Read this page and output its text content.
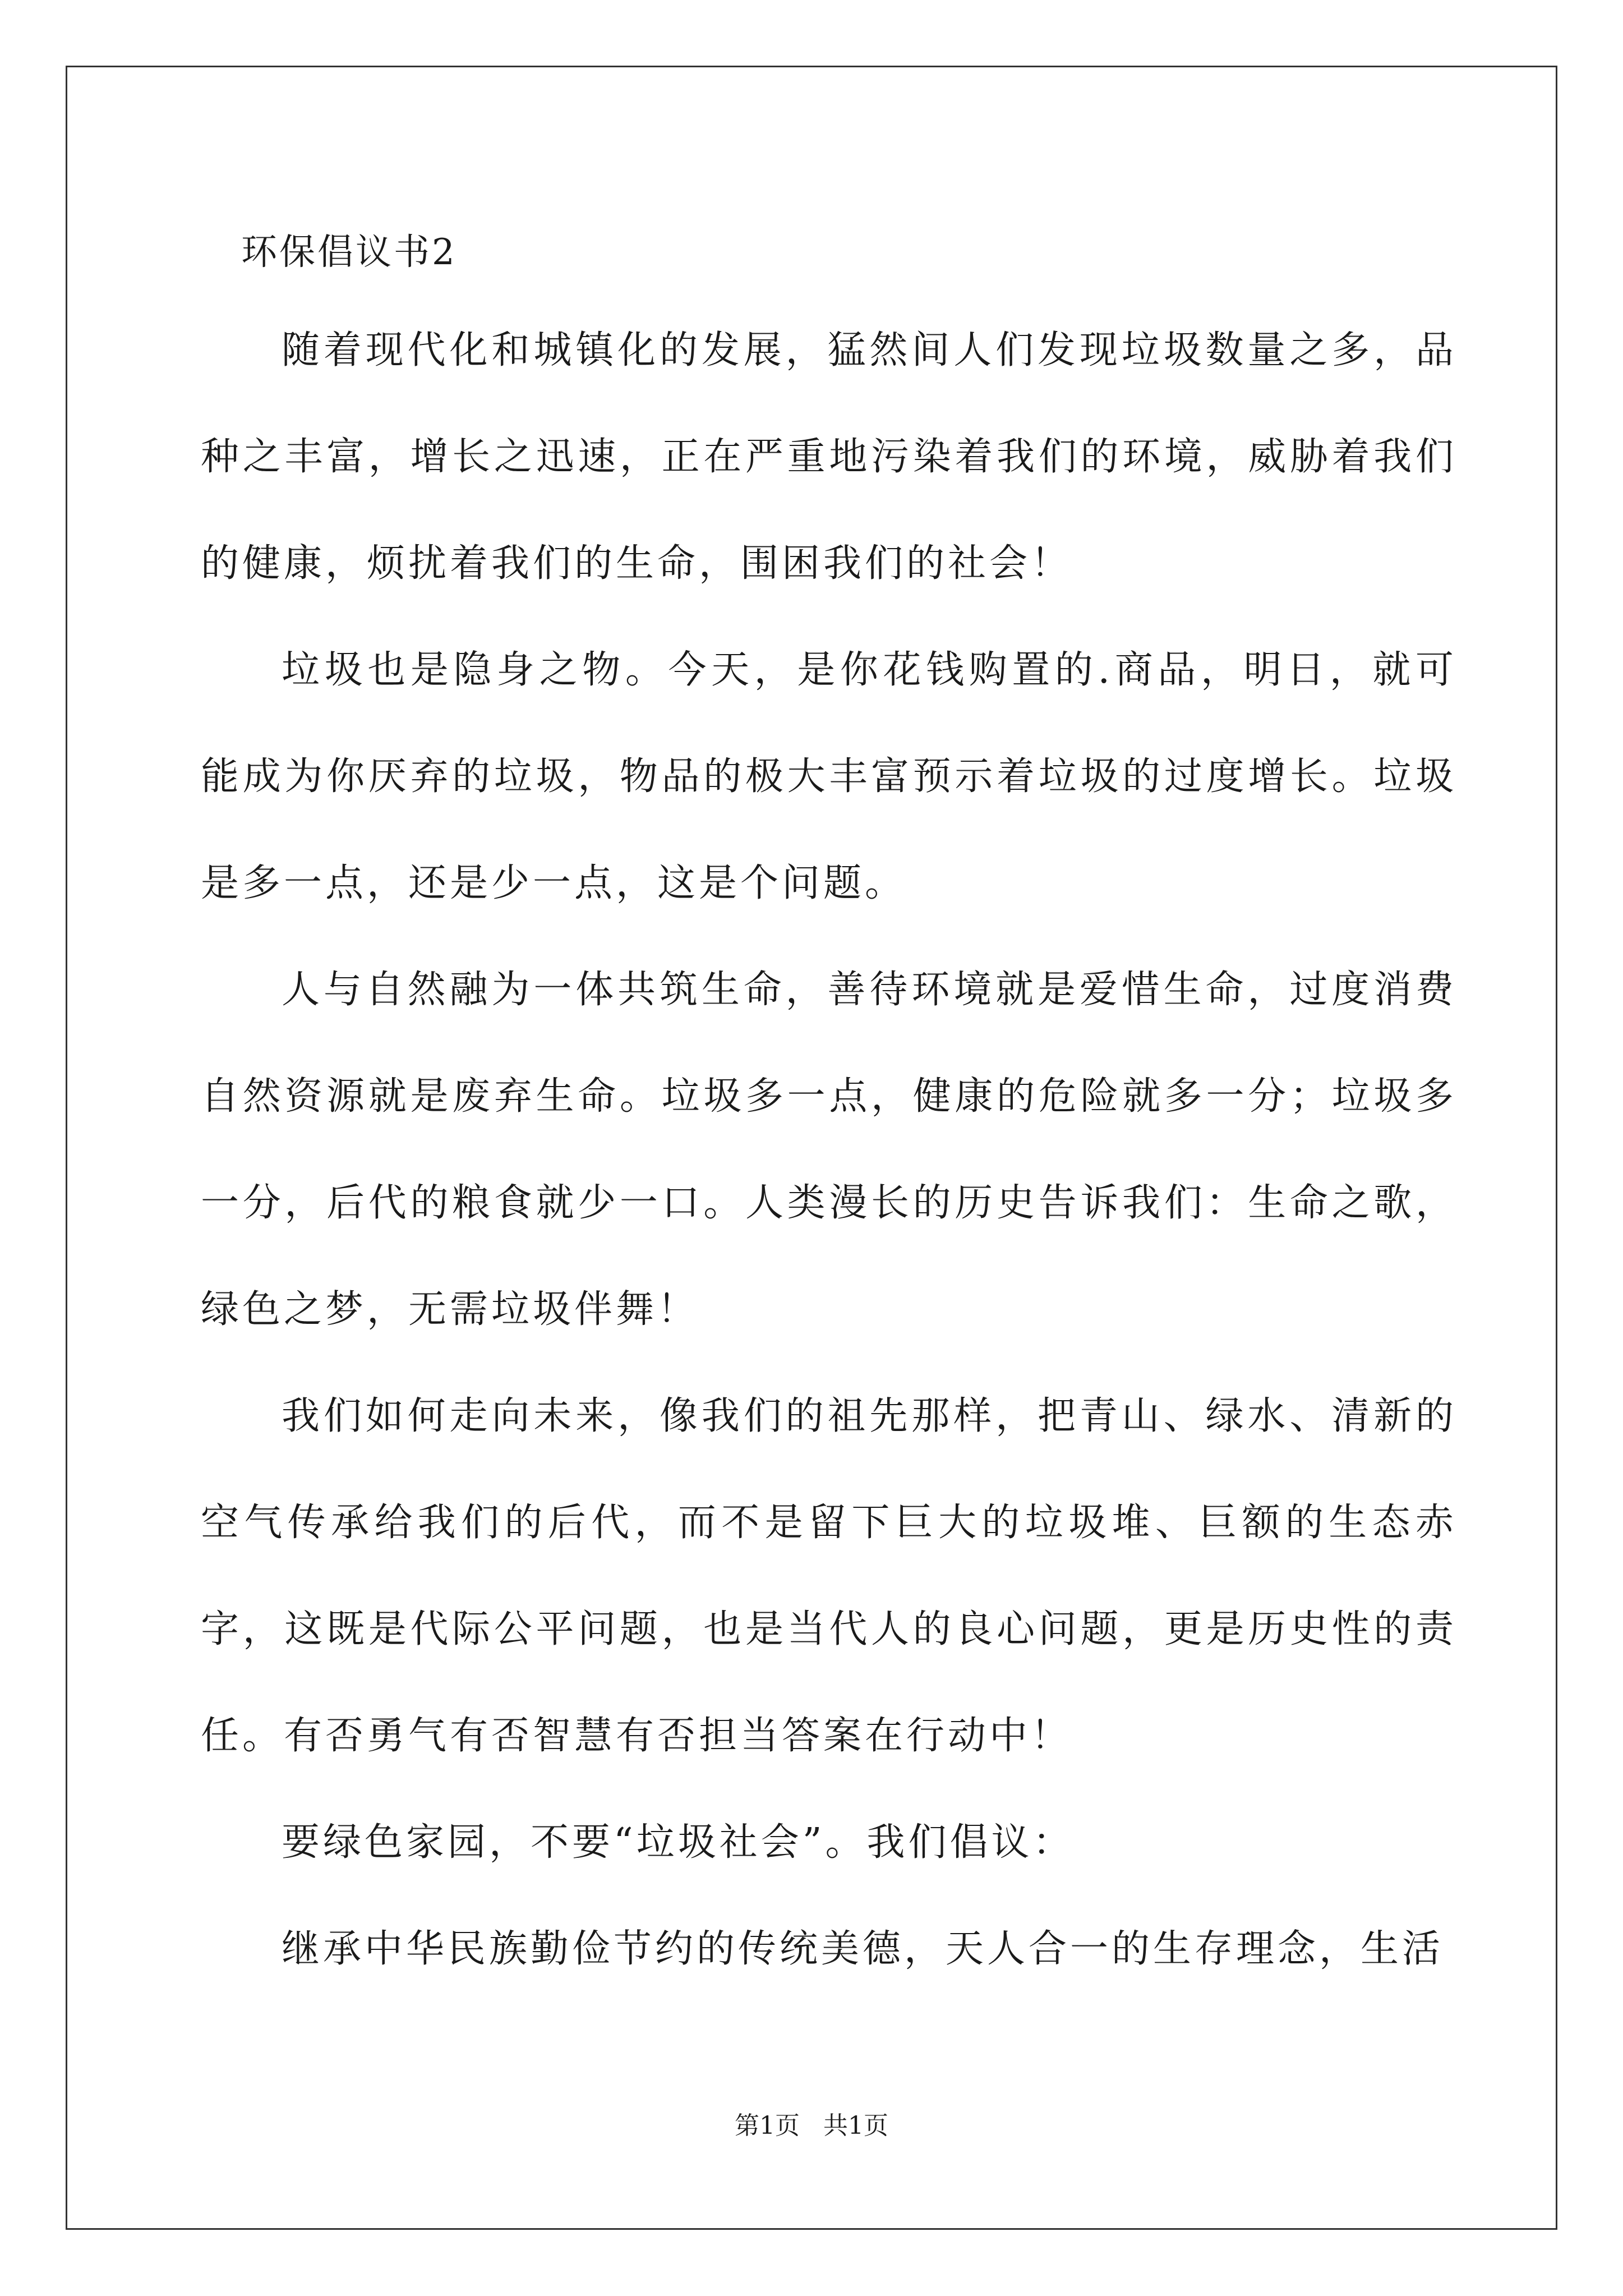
环保倡议书2

随着现代化和城镇化的发展，猛然间人们发现垃圾数量之多，品种之丰富，增长之迅速，正在严重地污染着我们的环境，威胁着我们的健康，烦扰着我们的生命，围困我们的社会！

垃圾也是隐身之物。今天，是你花钱购置的.商品，明日，就可能成为你厌弃的垃圾，物品的极大丰富预示着垃圾的过度增长。垃圾是多一点，还是少一点，这是个问题。

人与自然融为一体共筑生命，善待环境就是爱惜生命，过度消费自然资源就是废弃生命。垃圾多一点，健康的危险就多一分；垃圾多一分，后代的粮食就少一口。人类漫长的历史告诉我们：生命之歌，绿色之梦，无需垃圾伴舞！

我们如何走向未来，像我们的祖先那样，把青山、绿水、清新的空气传承给我们的后代，而不是留下巨大的垃圾堆、巨额的生态赤字，这既是代际公平问题，也是当代人的良心问题，更是历史性的责任。有否勇气有否智慧有否担当答案在行动中！

要绿色家园，不要“垃圾社会”。我们倡议：

继承中华民族勤俭节约的传统美德，天人合一的生存理念，生活

第1页   共1页
